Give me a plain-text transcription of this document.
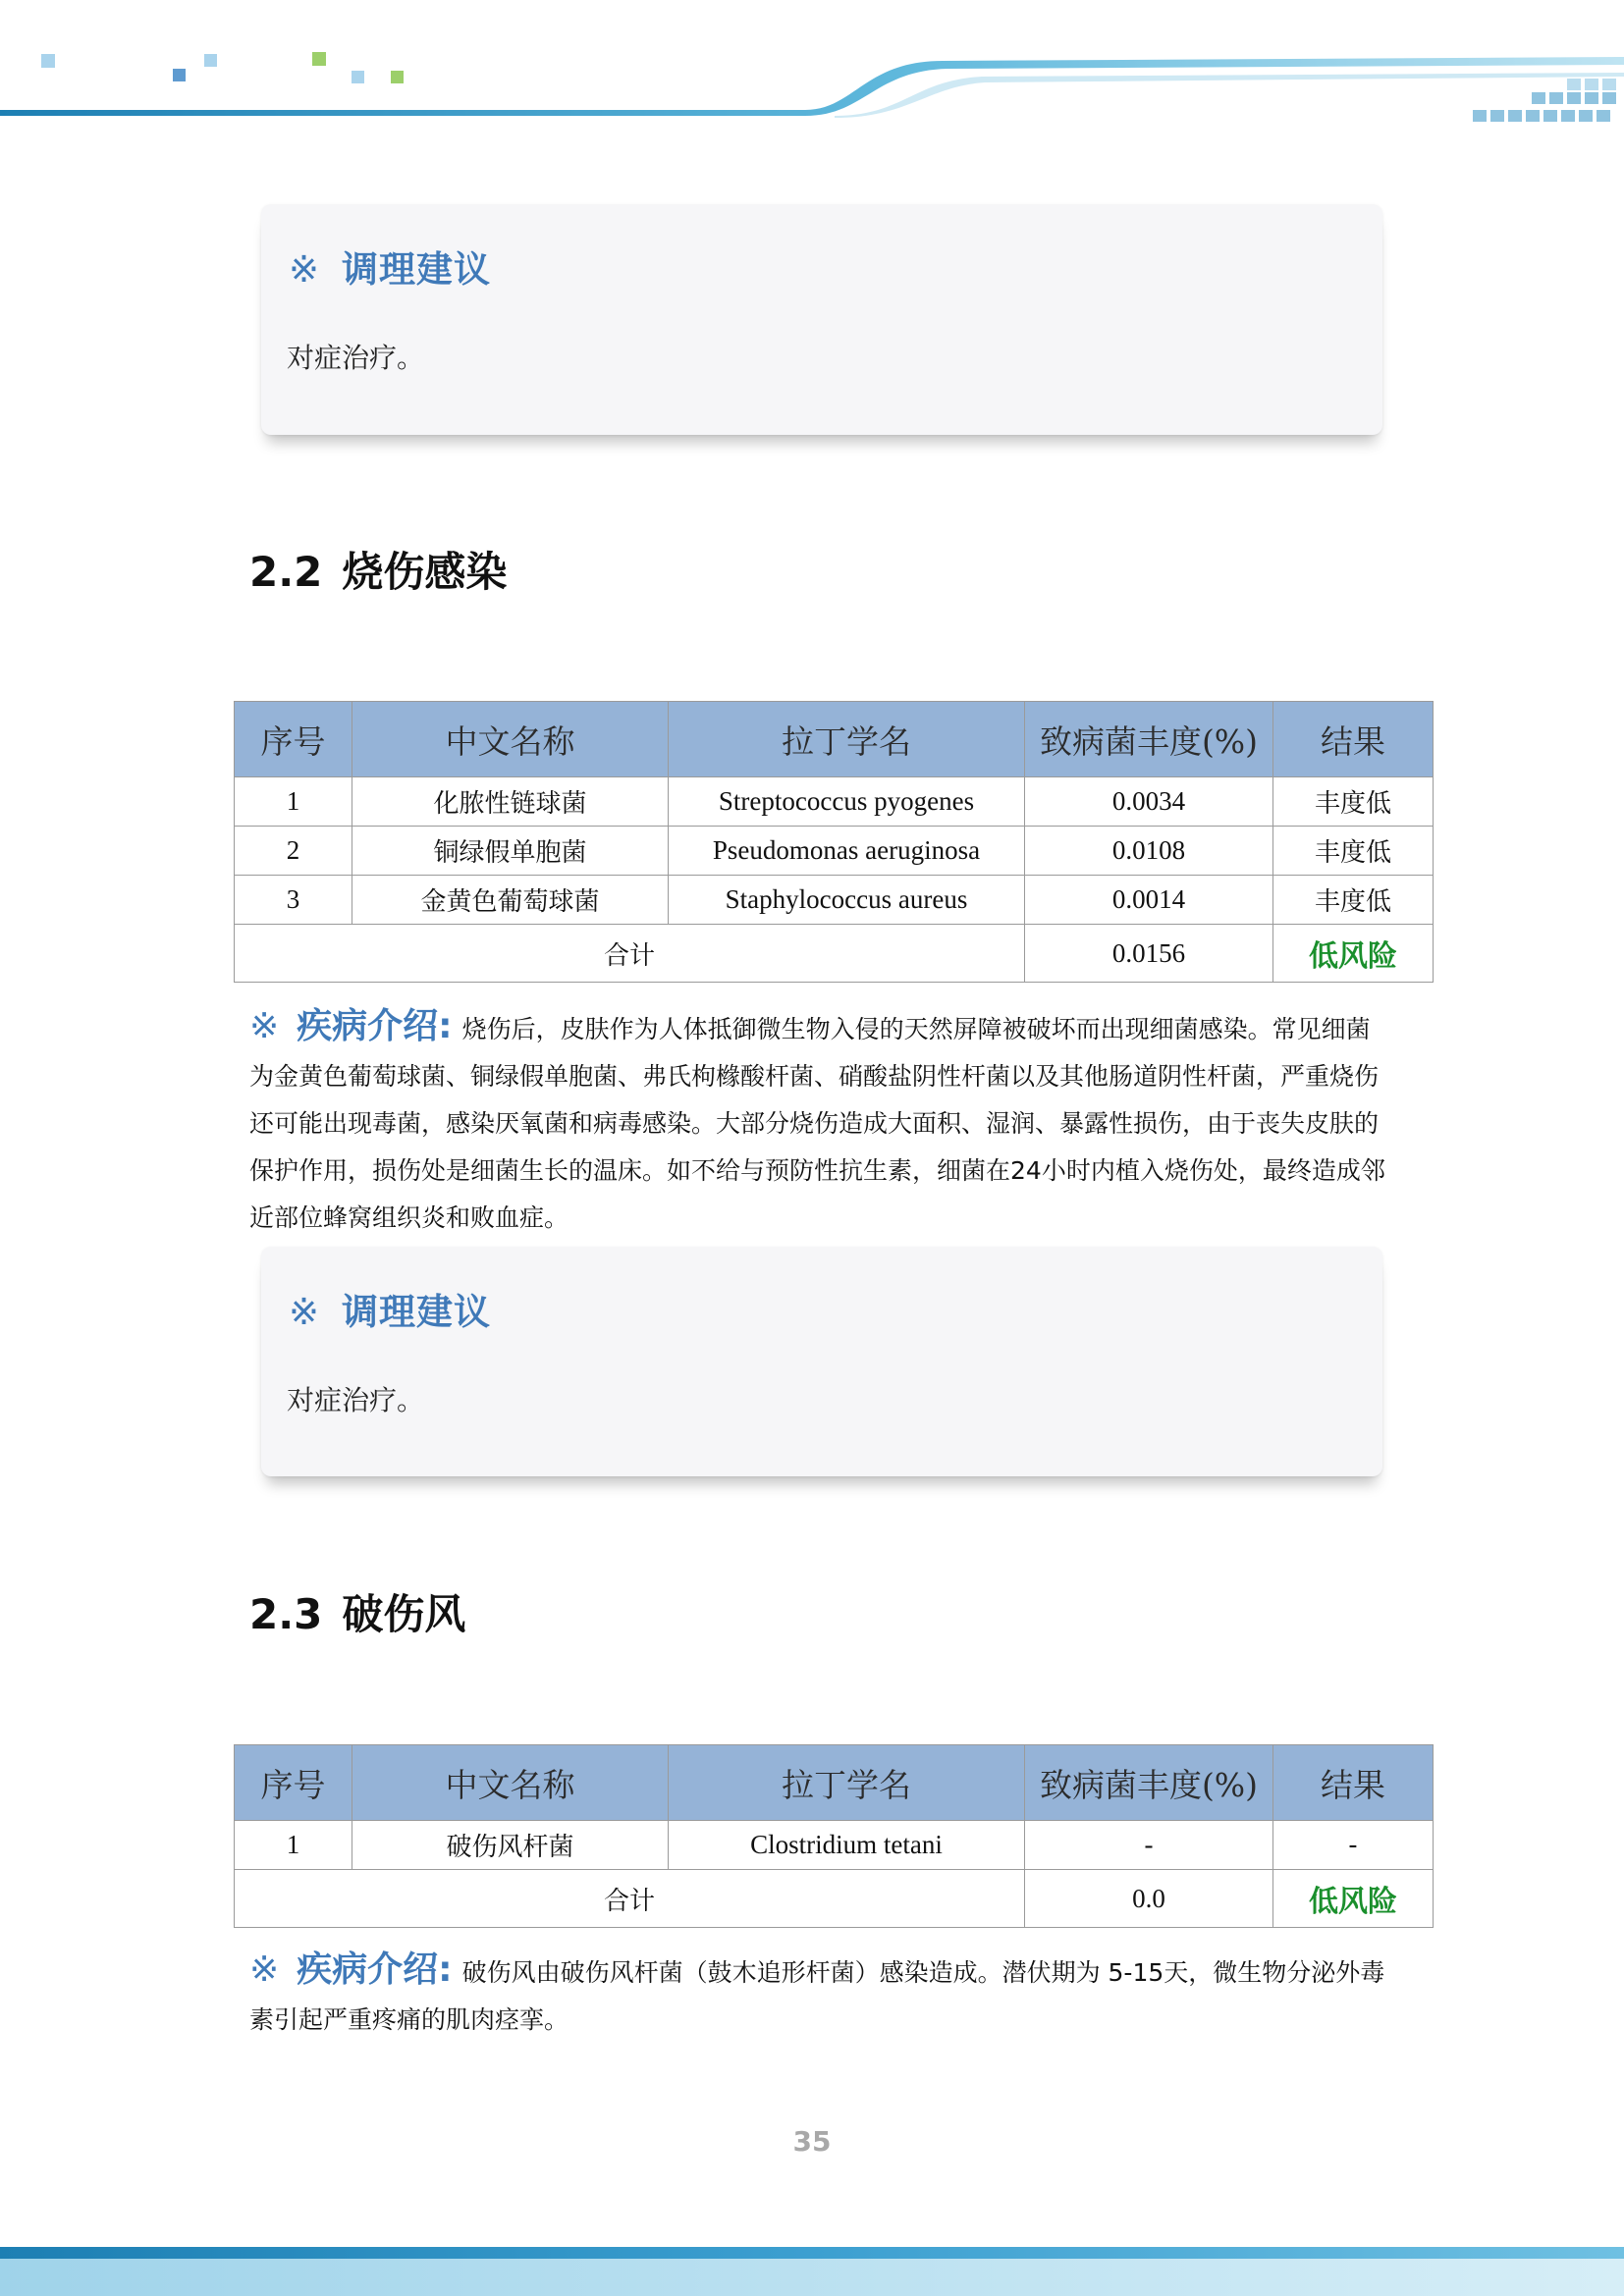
※ 调理建议
对症治疗。
2.2 烧伤感染
序号	中文名称	拉丁学名	致病菌丰度(%)	结果
1	化脓性链球菌	Streptococcus pyogenes	0.0034	丰度低
2	铜绿假单胞菌	Pseudomonas aeruginosa	0.0108	丰度低
3	金黄色葡萄球菌	Staphylococcus aureus	0.0014	丰度低
合计			0.0156	低风险
※ 疾病介绍: 烧伤后，皮肤作为人体抵御微生物入侵的天然屏障被破坏而出现细菌感染。常见细菌为金黄色葡萄球菌、铜绿假单胞菌、弗氏枸橼酸杆菌、硝酸盐阴性杆菌以及其他肠道阴性杆菌，严重烧伤还可能出现毒菌，感染厌氧菌和病毒感染。大部分烧伤造成大面积、湿润、暴露性损伤，由于丧失皮肤的保护作用，损伤处是细菌生长的温床。如不给与预防性抗生素，细菌在24小时内植入烧伤处，最终造成邻近部位蜂窝组织炎和败血症。
※ 调理建议
对症治疗。
2.3 破伤风
序号	中文名称	拉丁学名	致病菌丰度(%)	结果
1	破伤风杆菌	Clostridium tetani	-	-
合计			0.0	低风险
※ 疾病介绍: 破伤风由破伤风杆菌（鼓木追形杆菌）感染造成。潜伏期为 5-15天，微生物分泌外毒素引起严重疼痛的肌肉痉挛。
35
